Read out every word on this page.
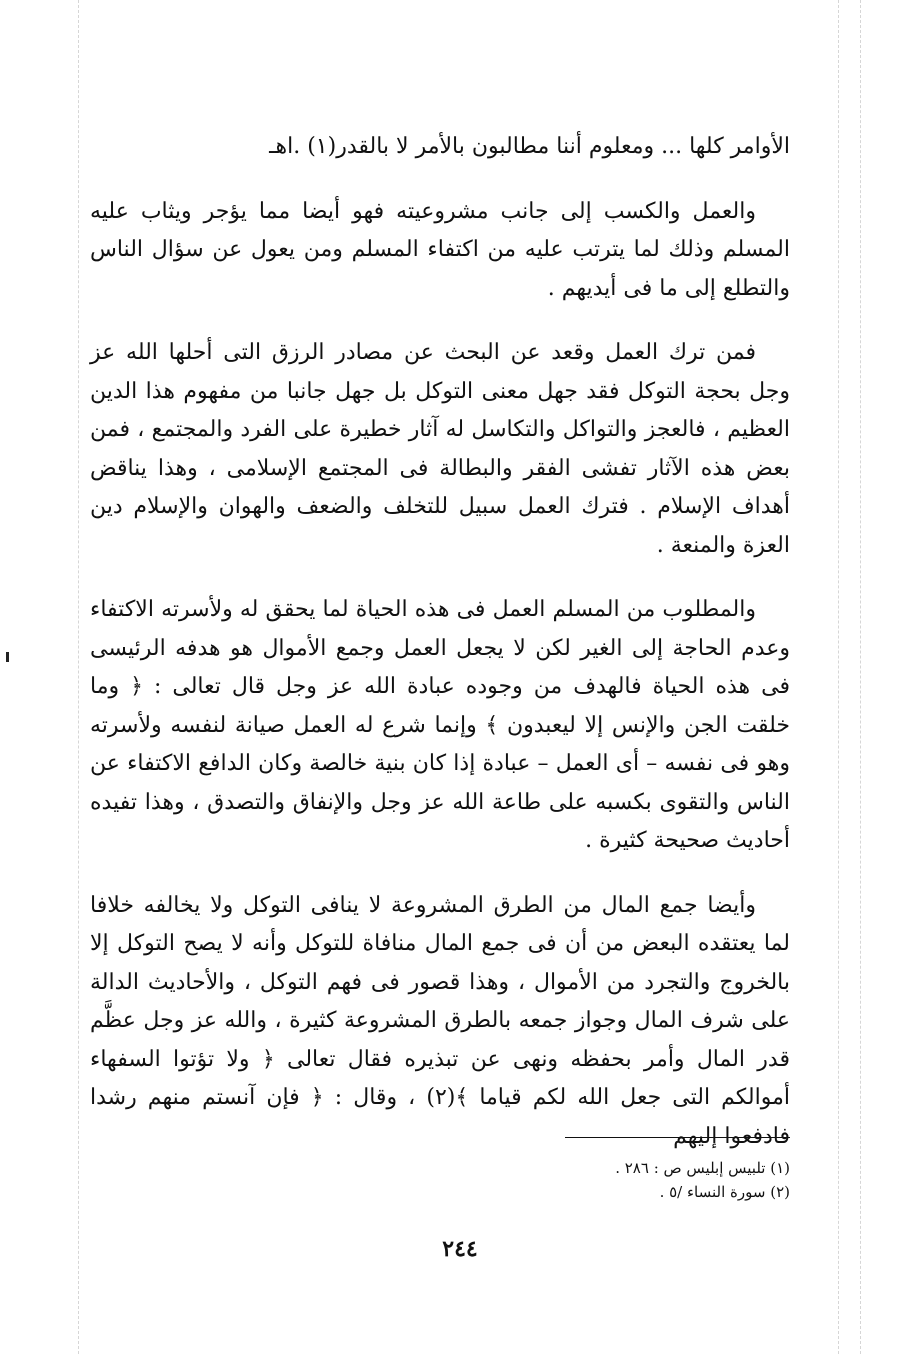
الأوامر كلها ... ومعلوم أننا مطالبون بالأمر لا بالقدر(١) .اهـ

والعمل والكسب إلى جانب مشروعيته فهو أيضا مما يؤجر ويثاب عليه المسلم وذلك لما يترتب عليه من اكتفاء المسلم ومن يعول عن سؤال الناس والتطلع إلى ما فى أيديهم .

فمن ترك العمل وقعد عن البحث عن مصادر الرزق التى أحلها الله عز وجل بحجة التوكل فقد جهل معنى التوكل بل جهل جانبا من مفهوم هذا الدين العظيم ، فالعجز والتواكل والتكاسل له آثار خطيرة على الفرد والمجتمع ، فمن بعض هذه الآثار تفشى الفقر والبطالة فى المجتمع الإسلامى ، وهذا يناقض أهداف الإسلام . فترك العمل سبيل للتخلف والضعف والهوان والإسلام دين العزة والمنعة .

والمطلوب من المسلم العمل فى هذه الحياة لما يحقق له ولأسرته الاكتفاء وعدم الحاجة إلى الغير لكن لا يجعل العمل وجمع الأموال هو هدفه الرئيسى فى هذه الحياة فالهدف من وجوده عبادة الله عز وجل قال تعالى : ﴿ وما خلقت الجن والإنس إلا ليعبدون ﴾ وإنما شرع له العمل صيانة لنفسه ولأسرته وهو فى نفسه – أى العمل – عبادة إذا كان بنية خالصة وكان الدافع الاكتفاء عن الناس والتقوى بكسبه على طاعة الله عز وجل والإنفاق والتصدق ، وهذا تفيده أحاديث صحيحة كثيرة .

وأيضا جمع المال من الطرق المشروعة لا ينافى التوكل ولا يخالفه خلافا لما يعتقده البعض من أن فى جمع المال منافاة للتوكل وأنه لا يصح التوكل إلا بالخروج والتجرد من الأموال ، وهذا قصور فى فهم التوكل ، والأحاديث الدالة على شرف المال وجواز جمعه بالطرق المشروعة كثيرة ، والله عز وجل عظَّم قدر المال وأمر بحفظه ونهى عن تبذيره فقال تعالى ﴿ ولا تؤتوا السفهاء أموالكم التى جعل الله لكم قياما ﴾(٢) ، وقال : ﴿ فإن آنستم منهم رشدا فادفعوا إليهم

(١) تلبيس إبليس ص : ٢٨٦ .

(٢) سورة النساء /٥ .

٢٤٤
